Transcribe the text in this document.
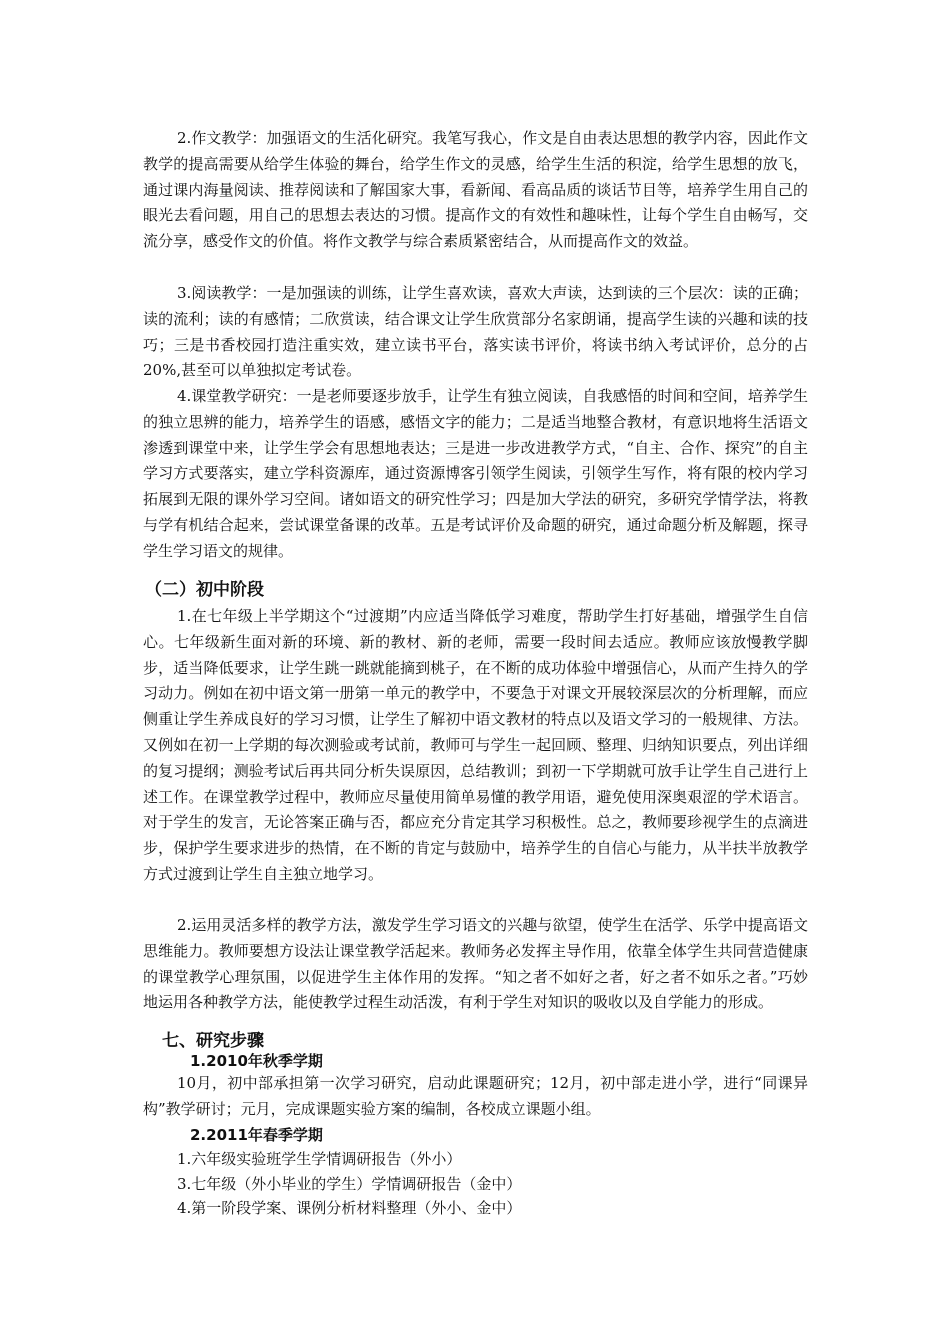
2.作文教学：加强语文的生活化研究。我笔写我心，作文是自由表达思想的教学内容，因此作文教学的提高需要从给学生体验的舞台，给学生作文的灵感，给学生生活的积淀，给学生思想的放飞，通过课内海量阅读、推荐阅读和了解国家大事，看新闻、看高品质的谈话节目等，培养学生用自己的眼光去看问题，用自己的思想去表达的习惯。提高作文的有效性和趣味性，让每个学生自由畅写，交流分享，感受作文的价值。将作文教学与综合素质紧密结合，从而提高作文的效益。

3.阅读教学：一是加强读的训练，让学生喜欢读，喜欢大声读，达到读的三个层次：读的正确；读的流利；读的有感情；二欣赏读，结合课文让学生欣赏部分名家朗诵，提高学生读的兴趣和读的技巧；三是书香校园打造注重实效，建立读书平台，落实读书评价，将读书纳入考试评价，总分的占20%,甚至可以单独拟定考试卷。

4.课堂教学研究：一是老师要逐步放手，让学生有独立阅读，自我感悟的时间和空间，培养学生的独立思辨的能力，培养学生的语感，感悟文字的能力；二是适当地整合教材，有意识地将生活语文渗透到课堂中来，让学生学会有思想地表达；三是进一步改进教学方式，“自主、合作、探究”的自主学习方式要落实，建立学科资源库，通过资源博客引领学生阅读，引领学生写作，将有限的校内学习拓展到无限的课外学习空间。诸如语文的研究性学习；四是加大学法的研究，多研究学情学法，将教与学有机结合起来，尝试课堂备课的改革。五是考试评价及命题的研究，通过命题分析及解题，探寻学生学习语文的规律。

（二）初中阶段

1.在七年级上半学期这个“过渡期”内应适当降低学习难度，帮助学生打好基础，增强学生自信心。七年级新生面对新的环境、新的教材、新的老师，需要一段时间去适应。教师应该放慢教学脚步，适当降低要求，让学生跳一跳就能摘到桃子，在不断的成功体验中增强信心，从而产生持久的学习动力。例如在初中语文第一册第一单元的教学中，不要急于对课文开展较深层次的分析理解，而应侧重让学生养成良好的学习习惯，让学生了解初中语文教材的特点以及语文学习的一般规律、方法。又例如在初一上学期的每次测验或考试前，教师可与学生一起回顾、整理、归纳知识要点，列出详细的复习提纲；测验考试后再共同分析失误原因，总结教训；到初一下学期就可放手让学生自己进行上述工作。在课堂教学过程中，教师应尽量使用简单易懂的教学用语，避免使用深奥艰涩的学术语言。对于学生的发言，无论答案正确与否，都应充分肯定其学习积极性。总之，教师要珍视学生的点滴进步，保护学生要求进步的热情，在不断的肯定与鼓励中，培养学生的自信心与能力，从半扶半放教学方式过渡到让学生自主独立地学习。

2.运用灵活多样的教学方法，激发学生学习语文的兴趣与欲望，使学生在活学、乐学中提高语文思维能力。教师要想方设法让课堂教学活起来。教师务必发挥主导作用，依靠全体学生共同营造健康的课堂教学心理氛围，以促进学生主体作用的发挥。“知之者不如好之者，好之者不如乐之者。”巧妙地运用各种教学方法，能使教学过程生动活泼，有利于学生对知识的吸收以及自学能力的形成。

七、研究步骤
1.2010年秋季学期

10月，初中部承担第一次学习研究，启动此课题研究；12月，初中部走进小学，进行“同课异构”教学研讨；元月，完成课题实验方案的编制，各校成立课题小组。

2.2011年春季学期

1.六年级实验班学生学情调研报告（外小）

3.七年级（外小毕业的学生）学情调研报告（金中）

4.第一阶段学案、课例分析材料整理（外小、金中）
